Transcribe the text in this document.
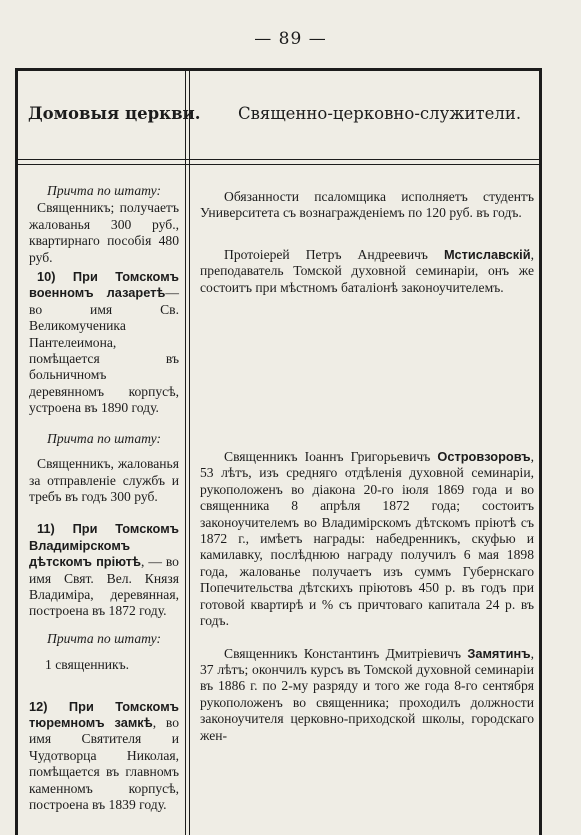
— 89 —
Домовыя церкви. Священно-церковно-служители.

Причта по штату:

Священникъ; получаетъ жалованья 300 руб., квартирнаго пособія 480 руб.

10) При Томскомъ военномъ лазаретѣ—во имя Св. Великомученика Пантелеимона, помѣщается въ больничномъ деревянномъ корпусѣ, устроена въ 1890 году.

Причта по штату:

Священникъ, жалованья за отправленіе службъ и требъ въ годъ 300 руб.

11) При Томскомъ Владимірскомъ дѣтскомъ пріютѣ, — во имя Свят. Вел. Князя Владиміра, деревянная, построена въ 1872 году.

Причта по штату:

1 священникъ.

12) При Томскомъ тюремномъ замкѣ, во имя Святителя и Чудотворца Николая, помѣщается въ главномъ каменномъ корпусѣ, построена въ 1839 году.

Обязанности псаломщика исполняетъ студентъ Университета съ вознагражденіемъ по 120 руб. въ годъ.

Протоіерей Петръ Андреевичъ Мстиславскій, преподаватель Томской духовной семинаріи, онъ же состоитъ при мѣстномъ баталіонѣ законоучителемъ.

Священникъ Іоаннъ Григорьевичъ Островзоровъ, 53 лѣтъ, изъ средняго отдѣленія духовной семинаріи, рукоположенъ во діакона 20-го іюля 1869 года и во священника 8 апрѣля 1872 года; состоитъ законоучителемъ во Владимірскомъ дѣтскомъ пріютѣ съ 1872 г., имѣетъ награды: набедренникъ, скуфью и камилавку, послѣднюю награду получилъ 6 мая 1898 года, жалованье получаетъ изъ суммъ Губернскаго Попечительства дѣтскихъ пріютовъ 450 р. въ годъ при готовой квартирѣ и % съ причтоваго капитала 24 р. въ годъ.

Священникъ Константинъ Дмитріевичъ Замятинъ, 37 лѣтъ; окончилъ курсъ въ Томской духовной семинаріи въ 1886 г. по 2-му разряду и того же года 8-го сентября рукоположенъ во священника; проходилъ должности законоучителя церковно-приходской школы, городскаго жен-
